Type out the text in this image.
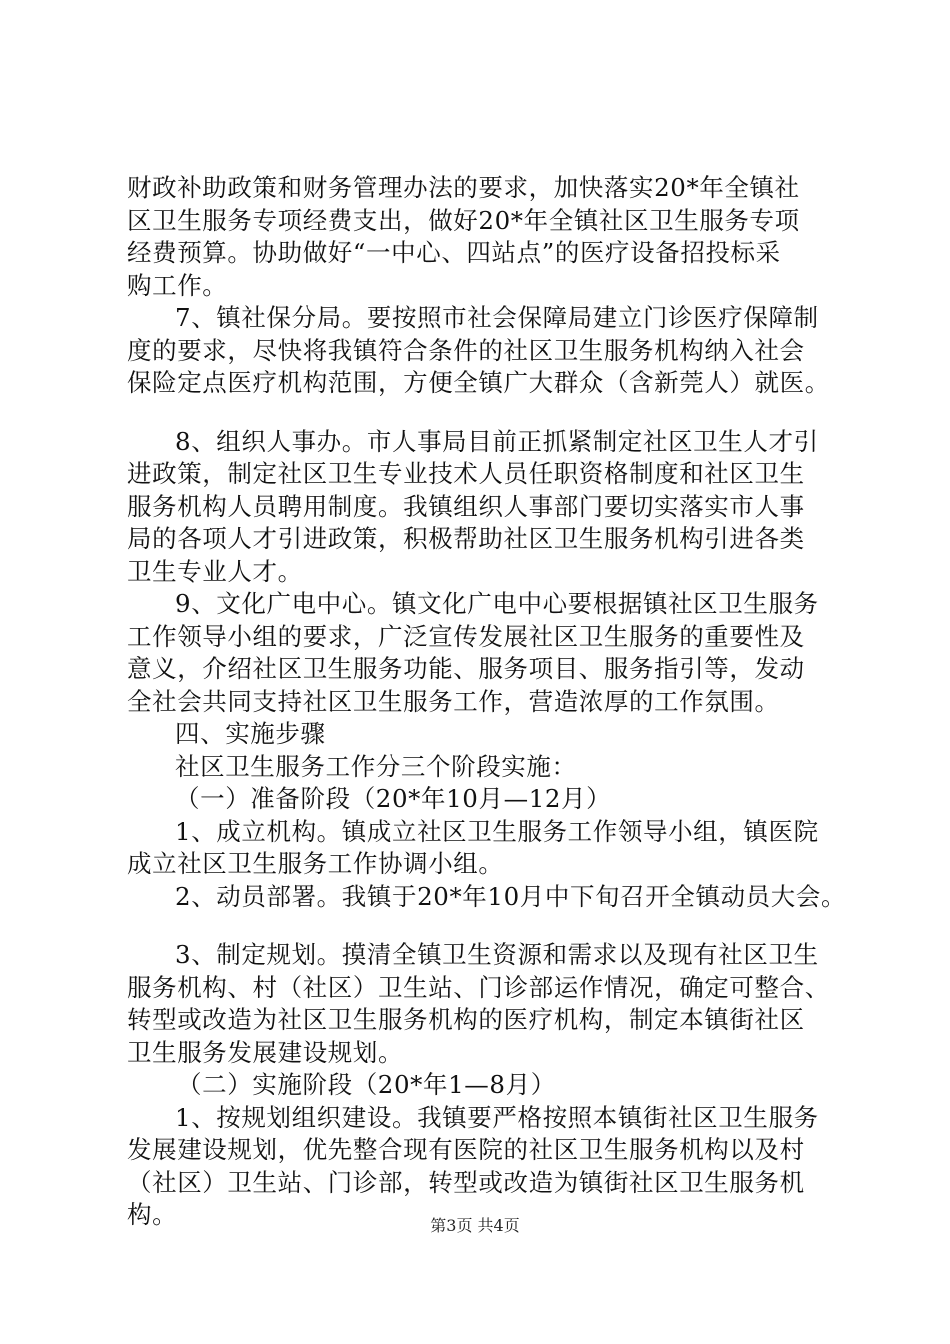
财政补助政策和财务管理办法的要求，加快落实20*年全镇社
区卫生服务专项经费支出，做好20*年全镇社区卫生服务专项
经费预算。协助做好“一中心、四站点”的医疗设备招投标采
购工作。
7、镇社保分局。要按照市社会保障局建立门诊医疗保障制
度的要求，尽快将我镇符合条件的社区卫生服务机构纳入社会
保险定点医疗机构范围，方便全镇广大群众（含新莞人）就医。
8、组织人事办。市人事局目前正抓紧制定社区卫生人才引
进政策，制定社区卫生专业技术人员任职资格制度和社区卫生
服务机构人员聘用制度。我镇组织人事部门要切实落实市人事
局的各项人才引进政策，积极帮助社区卫生服务机构引进各类
卫生专业人才。
9、文化广电中心。镇文化广电中心要根据镇社区卫生服务
工作领导小组的要求，广泛宣传发展社区卫生服务的重要性及
意义，介绍社区卫生服务功能、服务项目、服务指引等，发动
全社会共同支持社区卫生服务工作，营造浓厚的工作氛围。
四、实施步骤
社区卫生服务工作分三个阶段实施：
（一）准备阶段（20*年10月—12月）
1、成立机构。镇成立社区卫生服务工作领导小组，镇医院
成立社区卫生服务工作协调小组。
2、动员部署。我镇于20*年10月中下旬召开全镇动员大会。
3、制定规划。摸清全镇卫生资源和需求以及现有社区卫生
服务机构、村（社区）卫生站、门诊部运作情况，确定可整合、
转型或改造为社区卫生服务机构的医疗机构，制定本镇街社区
卫生服务发展建设规划。
（二）实施阶段（20*年1—8月）
1、按规划组织建设。我镇要严格按照本镇街社区卫生服务
发展建设规划，优先整合现有医院的社区卫生服务机构以及村
（社区）卫生站、门诊部，转型或改造为镇街社区卫生服务机
构。	第3页 共4页
